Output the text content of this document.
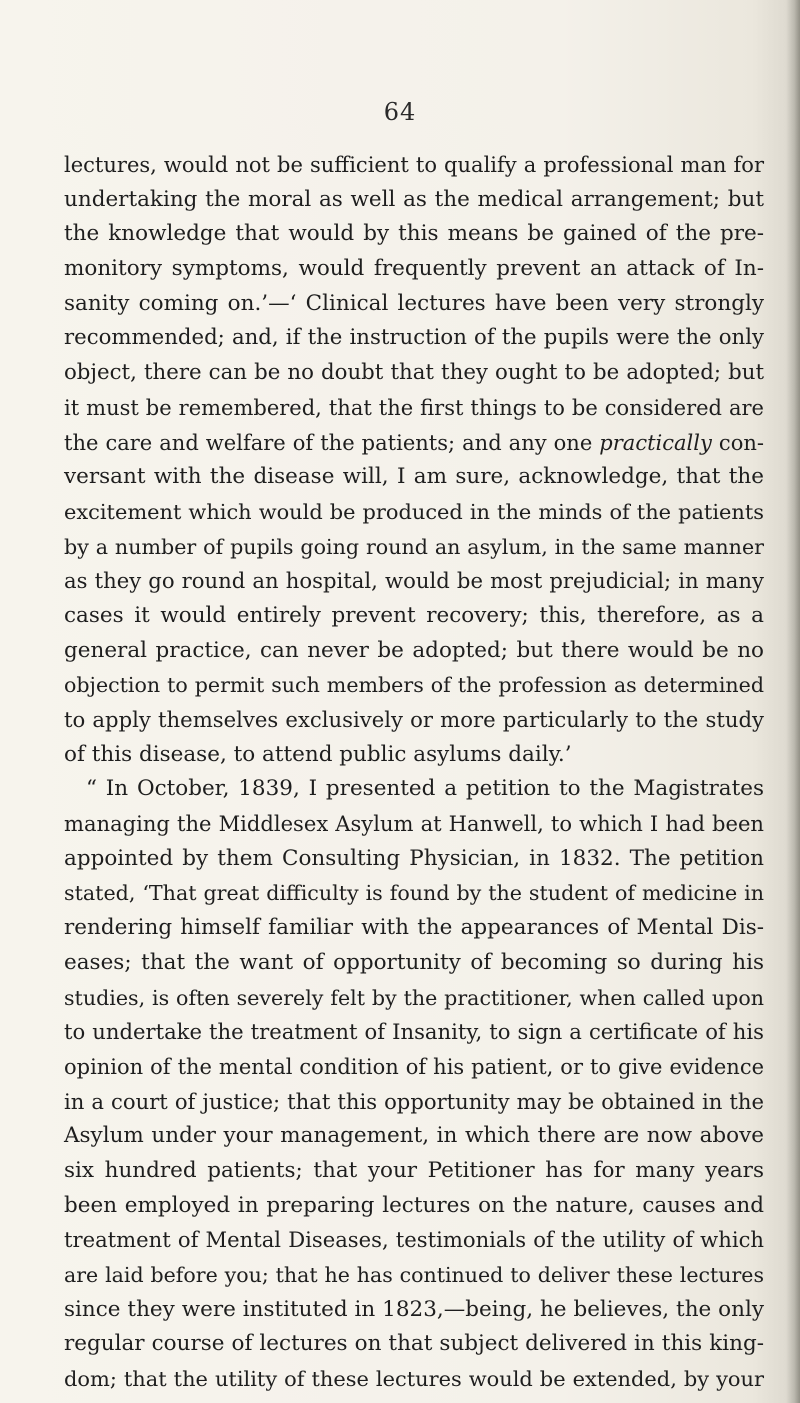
64
lectures, would not be sufficient to qualify a professional man for
undertaking the moral as well as the medical arrangement; but
the knowledge that would by this means be gained of the pre-
monitory symptoms, would frequently prevent an attack of In-
sanity coming on.’—‘ Clinical lectures have been very strongly
recommended; and, if the instruction of the pupils were the only
object, there can be no doubt that they ought to be adopted; but
it must be remembered, that the first things to be considered are
the care and welfare of the patients; and any one practically con-
versant with the disease will, I am sure, acknowledge, that the
excitement which would be produced in the minds of the patients
by a number of pupils going round an asylum, in the same manner
as they go round an hospital, would be most prejudicial; in many
cases it would entirely prevent recovery; this, therefore, as a
general practice, can never be adopted; but there would be no
objection to permit such members of the profession as determined
to apply themselves exclusively or more particularly to the study
of this disease, to attend public asylums daily.’
“ In October, 1839, I presented a petition to the Magistrates
managing the Middlesex Asylum at Hanwell, to which I had been
appointed by them Consulting Physician, in 1832. The petition
stated, ‘That great difficulty is found by the student of medicine in
rendering himself familiar with the appearances of Mental Dis-
eases; that the want of opportunity of becoming so during his
studies, is often severely felt by the practitioner, when called upon
to undertake the treatment of Insanity, to sign a certificate of his
opinion of the mental condition of his patient, or to give evidence
in a court of justice; that this opportunity may be obtained in the
Asylum under your management, in which there are now above
six hundred patients; that your Petitioner has for many years
been employed in preparing lectures on the nature, causes and
treatment of Mental Diseases, testimonials of the utility of which
are laid before you; that he has continued to deliver these lectures
since they were instituted in 1823,—being, he believes, the only
regular course of lectures on that subject delivered in this king-
dom; that the utility of these lectures would be extended, by your
